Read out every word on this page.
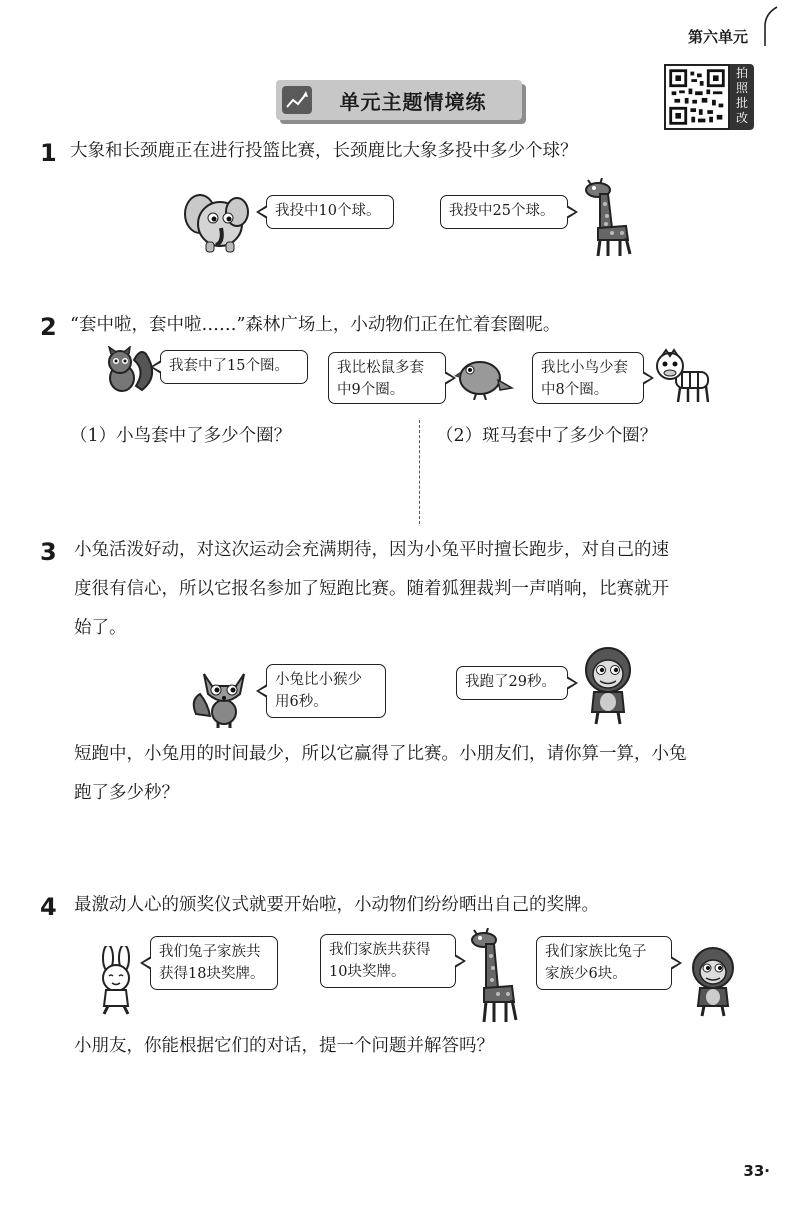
第六单元
单元主题情境练
拍
照
批
改
1 大象和长颈鹿正在进行投篮比赛，长颈鹿比大象多投中多少个球？
我投中10个球。	我投中25个球。
2 “套中啦，套中啦……”森林广场上，小动物们正在忙着套圈呢。
我套中了15个圈。	我比松鼠多套
中9个圈。
我比小鸟少套
中8个圈。
（1）小鸟套中了多少个圈？	（2）斑马套中了多少个圈？
3 小兔活泼好动，对这次运动会充满期待，因为小兔平时擅长跑步，对自己的速
度很有信心，所以它报名参加了短跑比赛。随着狐狸裁判一声哨响，比赛就开
始了。
小兔比小猴少
用6秒。
我跑了29秒。
短跑中，小兔用的时间最少，所以它赢得了比赛。小朋友们，请你算一算，小兔
跑了多少秒？
4 最激动人心的颁奖仪式就要开始啦，小动物们纷纷晒出自己的奖牌。
我们兔子家族共
获得18块奖牌。
我们家族共获得
10块奖牌。
我们家族比兔子
家族少6块。
小朋友，你能根据它们的对话，提一个问题并解答吗？
33·
